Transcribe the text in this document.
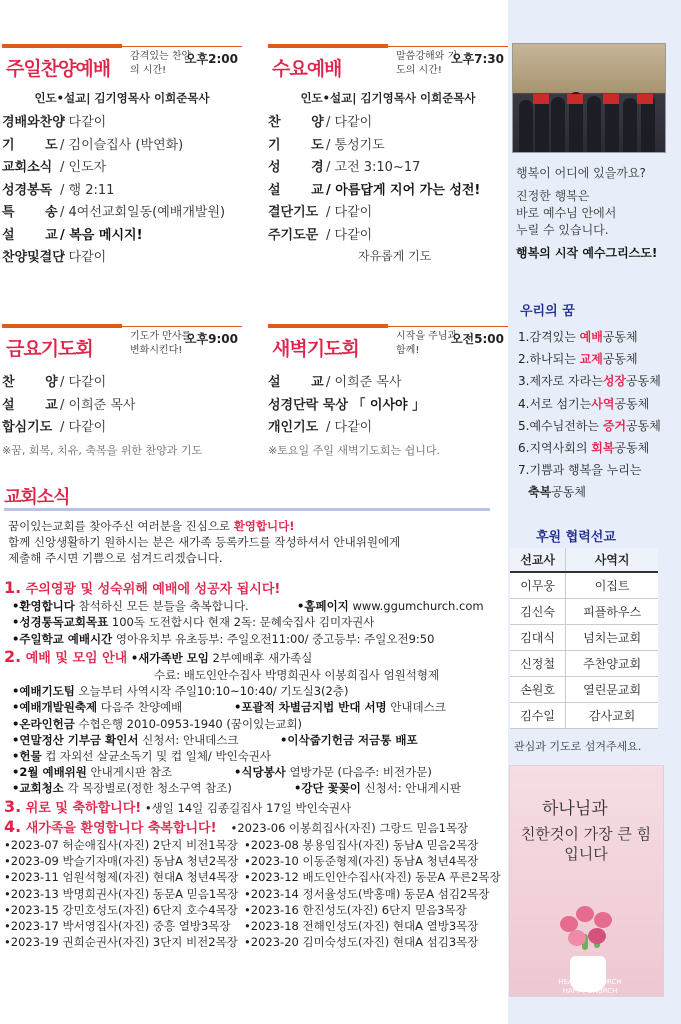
주일찬양예배
감격있는 찬양의 시간!
오후2:00
인도•설교| 김기영목사 이희준목사
경배와찬양/ 다같이
기 도/ 김이슬집사 (박연화)
교회소식 / 인도자
성경봉독 / 행 2:11
특 송/ 4여선교회일동(예배개발원)
설 교/ 복음 메시지!
찬양및결단/ 다같이
수요예배
말씀강해와 기도의 시간!
오후7:30
인도•설교| 김기영목사 이희준목사
찬 양/ 다같이
기 도/ 통성기도
성 경/ 고전 3:10~17
설 교/ 아름답게 지어 가는 성전!
결단기도 / 다같이
주기도문 / 다같이
자유롭게 기도
금요기도회
기도가 만사를 변화시킨다!
오후9:00
찬 양/ 다같이
설 교/ 이희준 목사
합심기도 / 다같이
※꿈, 회복, 치유, 축복을 위한 찬양과 기도
새벽기도회
시작을 주님과 함께!
오전5:00
설 교/ 이희준 목사
성경단락 묵상 「 이사야 」
개인기도 / 다같이
※토요일 주일 새벽기도회는 쉽니다.
교회소식
꿈이있는교회를 찾아주신 여러분을 진심으로 환영합니다!
함께 신앙생활하기 원하시는 분은 새가족 등록카드를 작성하셔서 안내위원에게
제출해 주시면 기쁨으로 섬겨드리겠습니다.
1. 주의영광 및 성숙위해 예배에 성공자 됩시다!
•환영합니다 참석하신 모든 분들을 축복합니다.	•홈페이지 www.ggumchurch.com
•성경통독교회목표 100독 도전합시다 현재 2독: 문혜숙집사 김미자권사
•주일학교 예배시간 영아유치부 유초등부: 주일오전11:00/ 중고등부: 주일오전9:50
2. 예배 및 모임 안내 •새가족반 모임 2부예배후 새가족실
수료: 배도인안수집사 박명희권사 이봉희집사 엄원석형제
•예배기도팀 오늘부터 사역시작 주일10:10~10:40/ 기도실3(2층)
•예배개발원축제 다음주 찬양예배	•포괄적 차별금지법 반대 서명 안내데스크
•온라인헌금 수협은행 2010-0953-1940 (꿈이있는교회)
•연말정산 기부금 확인서 신청서: 안내데스크	•이삭줍기헌금 저금통 배포
•헌물 컵 자외선 살균소독기 및 컵 일체/ 박인숙권사
•2월 예배위원 안내게시판 참조	•식당봉사 열방가문 (다음주: 비전가문)
•교회청소 각 목장별로(정한 청소구역 참조)	•강단 꽃꽂이 신청서: 안내게시판
3. 위로 및 축하합니다! •생일 14일 김종길집사 17일 박인숙권사
4. 새가족을 환영합니다 축복합니다! •2023-06 이봉희집사(자진) 그랑드 믿음1목장
•2023-07 허순애집사(자진) 2단지 비전1목장 •2023-08 봉용임집사(자진) 동남A 믿음2목장
•2023-09 박슬기자매(자진) 동남A 청년2목장 •2023-10 이동준형제(자진) 동남A 청년4목장
•2023-11 엄원석형제(자진) 현대A 청년4목장 •2023-12 배도인안수집사(자진) 동문A 푸른2목장
•2023-13 박명희권사(자진) 동문A 믿음1목장 •2023-14 정서율성도(박홍매) 동문A 섬김2목장
•2023-15 강민호성도(자진) 6단지 호수4목장 •2023-16 한진성도(자진) 6단지 믿음3목장
•2023-17 박서영집사(자진) 중흥 열방3목장	•2023-18 전해인성도(자진) 현대A 열방3목장
•2023-19 권희순권사(자진) 3단지 비전2목장 •2023-20 김미숙성도(자진) 현대A 섬김3목장
행복이 어디에 있을까요?
진정한 행복은
바로 예수님 안에서
누릴 수 있습니다.
행복의 시작 예수그리스도!
우리의 꿈
1.감격있는 예배공동체
2.하나되는 교제공동체
3.제자로 자라는성장공동체
4.서로 섬기는사역공동체
5.예수님전하는 증거공동체
6.지역사회의 회복공동체
7.기쁨과 행복을 누리는
축복공동체
후원 협력선교
선교사	사역지
이무웅	이집트
김신숙	피플하우스
김대식	넘치는교회
신정철	주찬양교회
손원호	열린문교회
김수일	감사교회
관심과 기도로 섬겨주세요.
하나님과
친한것이 가장 큰 힘입니다
HEALTHY CHURCH HAPPY CHURCH
